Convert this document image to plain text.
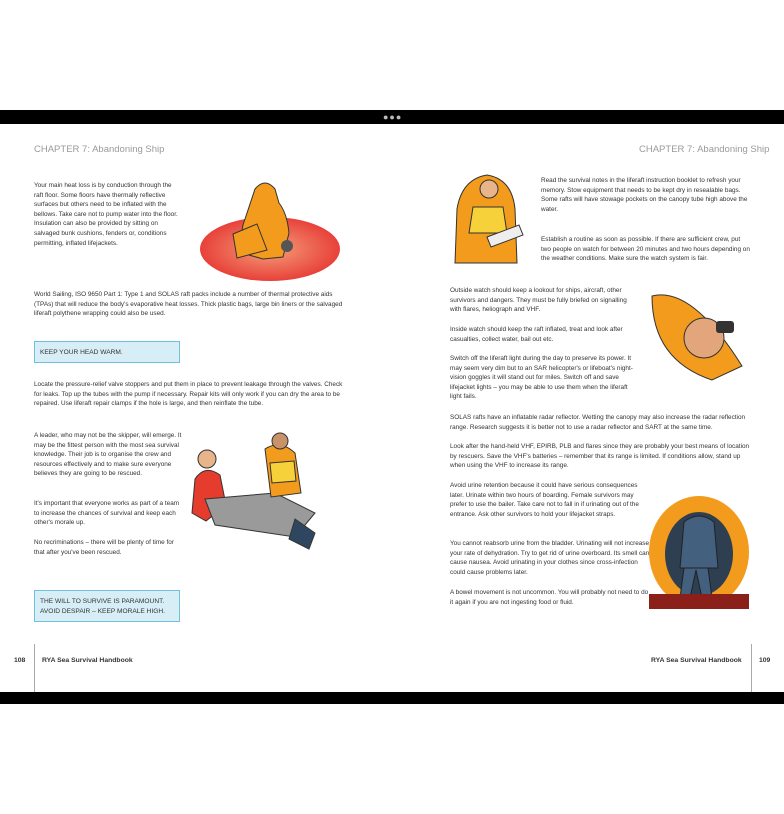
●●●
CHAPTER 7: Abandoning Ship

Your main heat loss is by conduction through the raft floor. Some floors have thermally reflective surfaces but others need to be inflated with the bellows. Take care not to pump water into the floor. Insulation can also be provided by sitting on salvaged bunk cushions, fenders or, conditions permitting, inflated lifejackets.

World Sailing, ISO 9650 Part 1: Type 1 and SOLAS raft packs include a number of thermal protective aids (TPAs) that will reduce the body's evaporative heat losses. Thick plastic bags, large bin liners or the salvaged liferaft polythene wrapping could also be used.

KEEP YOUR HEAD WARM.

Locate the pressure-relief valve stoppers and put them in place to prevent leakage through the valves. Check for leaks. Top up the tubes with the pump if necessary. Repair kits will only work if you can dry the area to be repaired. Use liferaft repair clamps if the hole is large, and then reinflate the tube.

A leader, who may not be the skipper, will emerge. It may be the fittest person with the most sea survival knowledge. Their job is to organise the crew and resources effectively and to make sure everyone believes they are going to be rescued.

It's important that everyone works as part of a team to increase the chances of survival and keep each other's morale up.

No recriminations – there will be plenty of time for that after you've been rescued.

THE WILL TO SURVIVE IS PARAMOUNT. AVOID DESPAIR – KEEP MORALE HIGH.
108 RYA Sea Survival Handbook
CHAPTER 7: Abandoning Ship

Read the survival notes in the liferaft instruction booklet to refresh your memory. Stow equipment that needs to be kept dry in resealable bags. Some rafts will have stowage pockets on the canopy tube high above the water.

Establish a routine as soon as possible. If there are sufficient crew, put two people on watch for between 20 minutes and two hours depending on the weather conditions. Make sure the watch system is fair.

Outside watch should keep a lookout for ships, aircraft, other survivors and dangers. They must be fully briefed on signalling with flares, heliograph and VHF.

Inside watch should keep the raft inflated, treat and look after casualties, collect water, bail out etc.

Switch off the liferaft light during the day to preserve its power. It may seem very dim but to an SAR helicopter's or lifeboat's night-vision goggles it will stand out for miles. Switch off and save lifejacket lights – you may be able to use them when the liferaft light fails.

SOLAS rafts have an inflatable radar reflector. Wetting the canopy may also increase the radar reflection range. Research suggests it is better not to use a radar reflector and SART at the same time.

Look after the hand-held VHF, EPIRB, PLB and flares since they are probably your best means of location by rescuers. Save the VHF's batteries – remember that its range is limited. If conditions allow, stand up when using the VHF to increase its range.

Avoid urine retention because it could have serious consequences later. Urinate within two hours of boarding. Female survivors may prefer to use the bailer. Take care not to fall in if urinating out of the entrance. Ask other survivors to hold your lifejacket straps.

You cannot reabsorb urine from the bladder. Urinating will not increase your rate of dehydration. Try to get rid of urine overboard. Its smell can cause nausea. Avoid urinating in your clothes since cross-infection could cause problems later.

A bowel movement is not uncommon. You will probably not need to do it again if you are not ingesting food or fluid.

RYA Sea Survival Handbook	109
